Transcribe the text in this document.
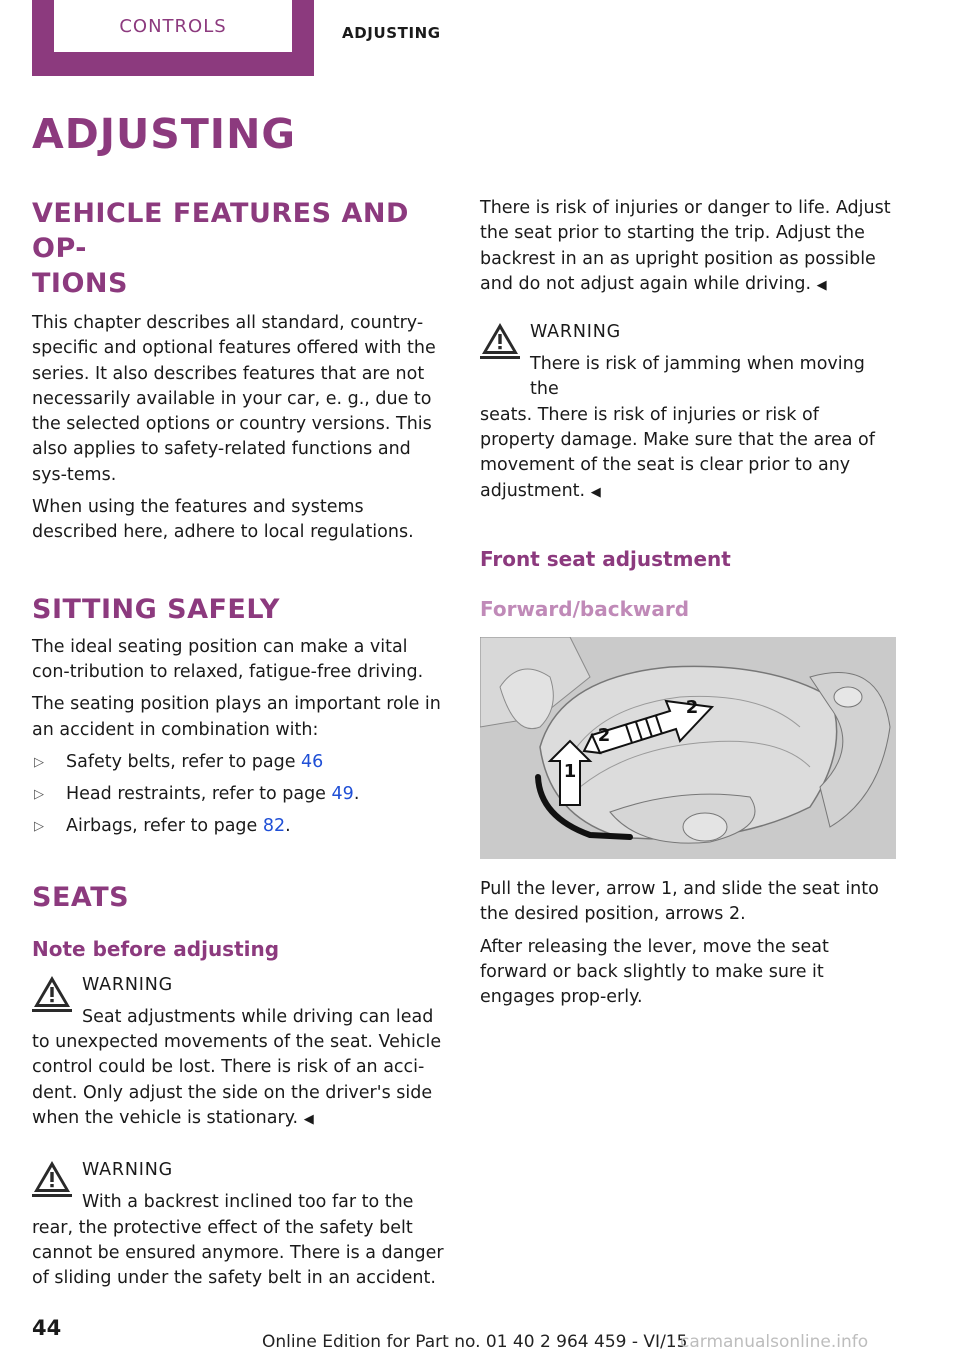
CONTROLS	ADJUSTING
ADJUSTING
VEHICLE FEATURES AND OP-
TIONS

This chapter describes all standard, country-specific and optional features offered with the series. It also describes features that are not necessarily available in your car, e. g., due to the selected options or country versions. This also applies to safety-related functions and sys-tems.

When using the features and systems described here, adhere to local regulations.

SITTING SAFELY

The ideal seating position can make a vital con-tribution to relaxed, fatigue-free driving.

The seating position plays an important role in an accident in combination with:

▷ Safety belts, refer to page 46
▷ Head restraints, refer to page 49.
▷ Airbags, refer to page 82.
SEATS
Note before adjusting
WARNING
Seat adjustments while driving can lead
to unexpected movements of the seat. Vehicle control could be lost. There is risk of an acci-dent. Only adjust the side on the driver's side when the vehicle is stationary. ◀
WARNING
With a backrest inclined too far to the
rear, the protective effect of the safety belt cannot be ensured anymore. There is a danger of sliding under the safety belt in an accident.

There is risk of injuries or danger to life. Adjust the seat prior to starting the trip. Adjust the backrest in an as upright position as possible and do not adjust again while driving. ◀

WARNING
There is risk of jamming when moving the
seats. There is risk of injuries or risk of property damage. Make sure that the area of movement of the seat is clear prior to any adjustment. ◀
Front seat adjustment
Forward/backward
1
2
2

Pull the lever, arrow 1, and slide the seat into the desired position, arrows 2.

After releasing the lever, move the seat forward or back slightly to make sure it engages prop-erly.

44
Online Edition for Part no. 01 40 2 964 459 - VI/15
carmanualsonline.info
